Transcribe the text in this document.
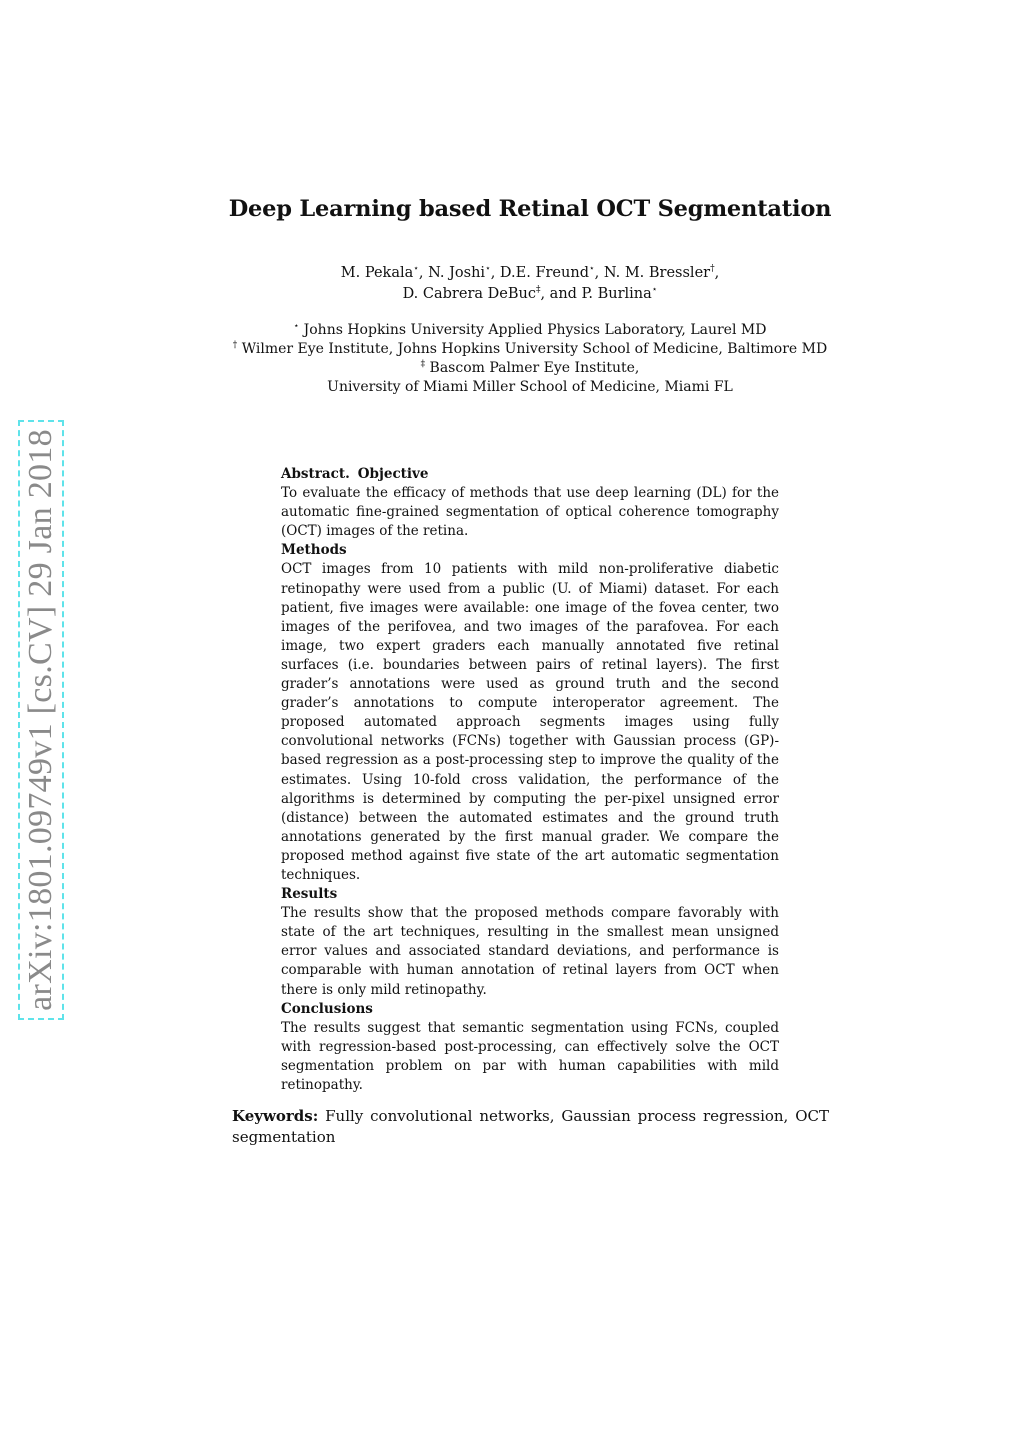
Deep Learning based Retinal OCT Segmentation
M. Pekala⋆, N. Joshi⋆, D.E. Freund⋆, N. M. Bressler†,
D. Cabrera DeBuc‡, and P. Burlina⋆
⋆ Johns Hopkins University Applied Physics Laboratory, Laurel MD
† Wilmer Eye Institute, Johns Hopkins University School of Medicine, Baltimore MD
‡ Bascom Palmer Eye Institute,
University of Miami Miller School of Medicine, Miami FL

Abstract. Objective

To evaluate the efficacy of methods that use deep learning (DL) for the automatic fine-grained segmentation of optical coherence tomography (OCT) images of the retina.

Methods

OCT images from 10 patients with mild non-proliferative diabetic retinopathy were used from a public (U. of Miami) dataset. For each patient, five images were available: one image of the fovea center, two images of the perifovea, and two images of the parafovea. For each image, two expert graders each manually annotated five retinal surfaces (i.e. boundaries between pairs of retinal layers). The first grader’s annotations were used as ground truth and the second grader’s annotations to compute interoperator agreement. The proposed automated approach segments images using fully convolutional networks (FCNs) together with Gaussian process (GP)-based regression as a post-processing step to improve the quality of the estimates. Using 10-fold cross validation, the performance of the algorithms is determined by computing the per-pixel unsigned error (distance) between the automated estimates and the ground truth annotations generated by the first manual grader. We compare the proposed method against five state of the art automatic segmentation techniques.

Results

The results show that the proposed methods compare favorably with state of the art techniques, resulting in the smallest mean unsigned error values and associated standard deviations, and performance is comparable with human annotation of retinal layers from OCT when there is only mild retinopathy.

Conclusions

The results suggest that semantic segmentation using FCNs, coupled with regression-based post-processing, can effectively solve the OCT segmentation problem on par with human capabilities with mild retinopathy.

Keywords: Fully convolutional networks, Gaussian process regression, OCT segmentation
arXiv:1801.09749v1 [cs.CV] 29 Jan 2018
